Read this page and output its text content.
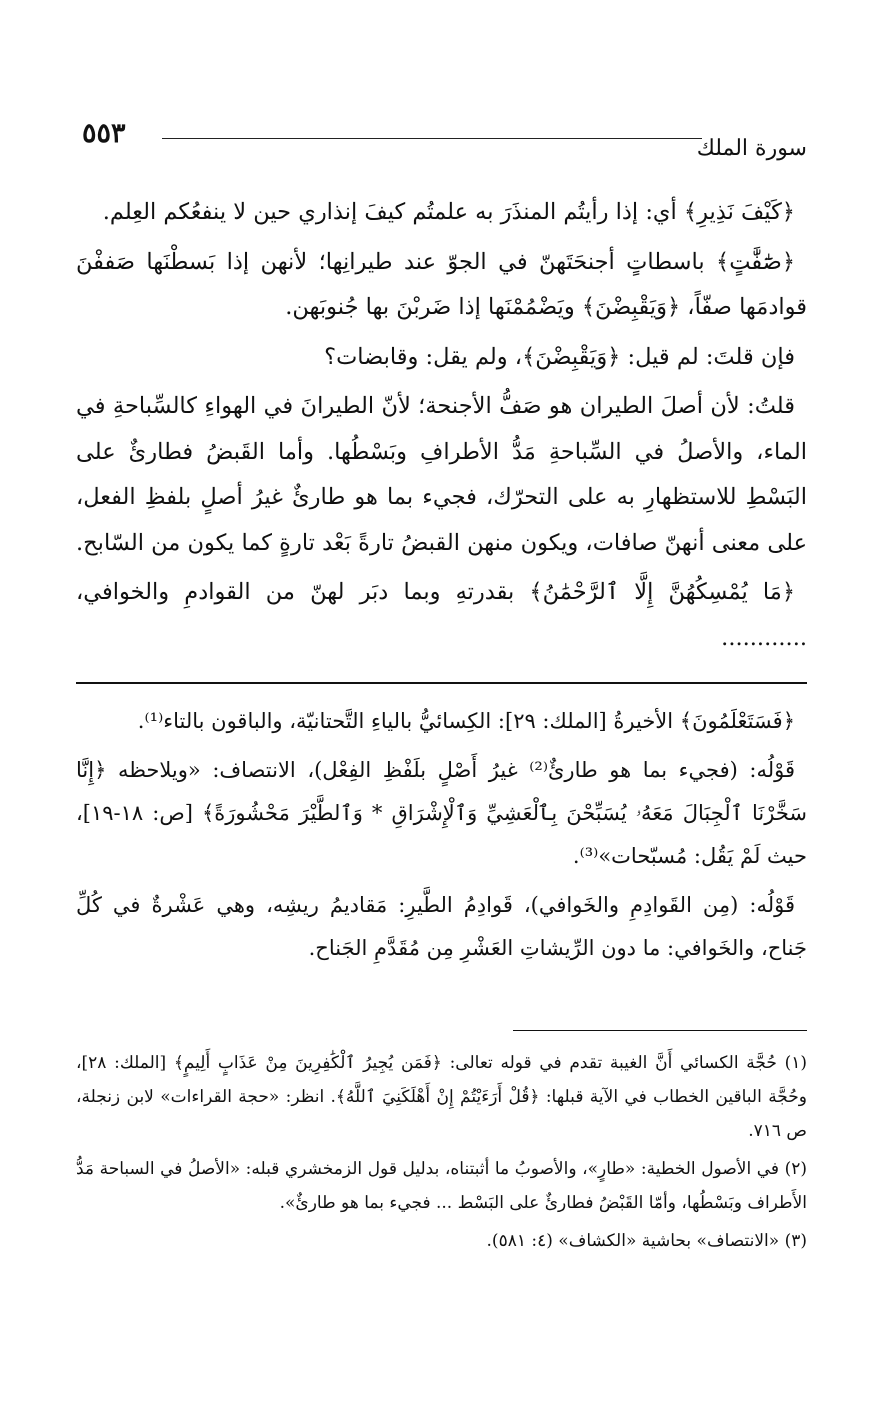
سورة الملك
٥٥٣

﴿كَيْفَ نَذِيرِ﴾ أي: إذا رأيتُم المنذَرَ به علمتُم كيفَ إنذاري حين لا ينفعُكم العِلم.

﴿صَٰٓفَّٰتٍ﴾ باسطاتٍ أجنحَتَهنّ في الجوّ عند طيرانِها؛ لأنهن إذا بَسطْنَها صَففْنَ قوادمَها صفّاً، ﴿وَيَقْبِضْنَ﴾ ويَضْمُمْنَها إذا ضَربْنَ بها جُنوبَهن.

فإن قلتَ: لم قيل: ﴿وَيَقْبِضْنَ﴾، ولم يقل: وقابضات؟

قلتُ: لأن أصلَ الطيران هو صَفُّ الأجنحة؛ لأنّ الطيرانَ في الهواءِ كالسِّباحةِ في الماء، والأصلُ في السِّباحةِ مَدُّ الأطرافِ وبَسْطُها. وأما القَبضُ فطارئٌ على البَسْطِ للاستظهارِ به على التحرّك، فجيء بما هو طارئٌ غيرُ أصلٍ بلفظِ الفعل، على معنى أنهنّ صافات، ويكون منهن القبضُ تارةً بَعْد تارةٍ كما يكون من السّابح.

﴿مَا يُمْسِكُهُنَّ إِلَّا ٱلرَّحْمَٰنُ﴾ بقدرتهِ وبما دبَر لهنّ من القوادمِ والخوافي، ............

﴿فَسَتَعْلَمُونَ﴾ الأخيرةُ [الملك: ٢٩]: الكِسائيُّ بالياءِ التَّحتانيّة، والباقون بالتاء⁽¹⁾.

قَوْلُه: (فجيء بما هو طارئٌ⁽²⁾ غيرُ أَصْلٍ بلَفْظِ الفِعْل)، الانتصاف: «ويلاحظه ﴿إِنَّا سَخَّرْنَا ٱلْجِبَالَ مَعَهُۥ يُسَبِّحْنَ بِٱلْعَشِيِّ وَٱلْإِشْرَاقِ * وَٱلطَّيْرَ مَحْشُورَةً﴾ [ص: ١٨-١٩]، حيث لَمْ يَقُل: مُسبّحات»⁽³⁾.

قَوْلُه: (مِن القَوادِمِ والخَوافي)، قَوادِمُ الطَّيرِ: مَقاديمُ ريشِه، وهي عَشْرةٌ في كُلِّ جَناح، والخَوافي: ما دون الرِّيشاتِ العَشْرِ مِن مُقَدَّمِ الجَناح.

(١) حُجَّة الكسائي أَنَّ الغيبة تقدم في قوله تعالى: ﴿فَمَن يُجِيرُ ٱلْكَٰفِرِينَ مِنْ عَذَابٍ أَلِيمٍ﴾ [الملك: ٢٨]، وحُجَّة الباقين الخطاب في الآية قبلها: ﴿قُلْ أَرَءَيْتُمْ إِنْ أَهْلَكَنِيَ ٱللَّهُ﴾. انظر: «حجة القراءات» لابن زنجلة، ص ٧١٦.

(٢) في الأصول الخطية: «طارٍ»، والأصوبُ ما أثبتناه، بدليل قول الزمخشري قبله: «الأصلُ في السباحة مَدُّ الأَطراف وبَسْطُها، وأمّا القَبْضُ فطارئٌ على البَسْط ... فجيء بما هو طارئٌ».

(٣) «الانتصاف» بحاشية «الكشاف» (٤: ٥٨١).
